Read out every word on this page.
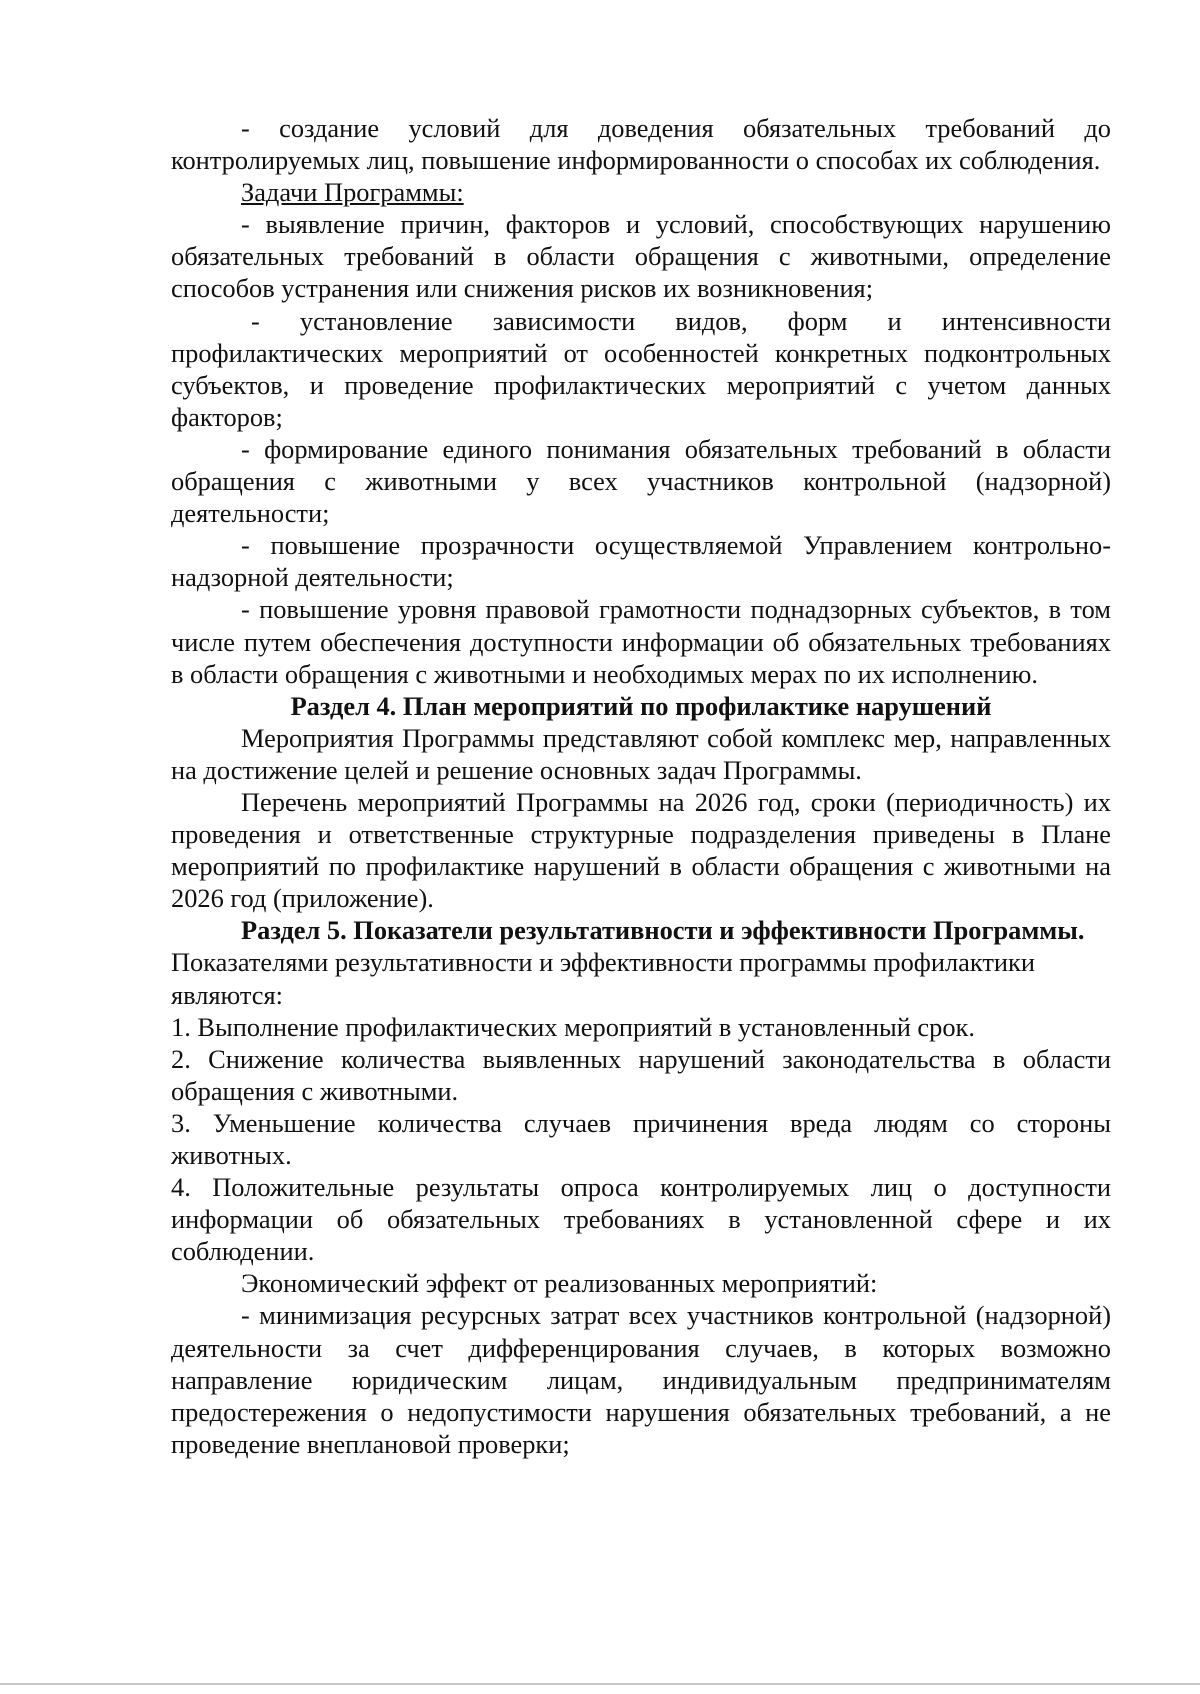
- создание условий для доведения обязательных требований до контролируемых лиц, повышение информированности о способах их соблюдения.

Задачи Программы:

- выявление причин, факторов и условий, способствующих нарушению обязательных требований в области обращения с животными, определение способов устранения или снижения рисков их возникновения;

- установление зависимости видов, форм и интенсивности профилактических мероприятий от особенностей конкретных подконтрольных субъектов, и проведение профилактических мероприятий с учетом данных факторов;

- формирование единого понимания обязательных требований в области обращения с животными у всех участников контрольной (надзорной) деятельности;

- повышение прозрачности осуществляемой Управлением контрольно-надзорной деятельности;

- повышение уровня правовой грамотности поднадзорных субъектов, в том числе путем обеспечения доступности информации об обязательных требованиях в области обращения с животными и необходимых мерах по их исполнению.

Раздел 4. План мероприятий по профилактике нарушений

Мероприятия Программы представляют собой комплекс мер, направленных на достижение целей и решение основных задач Программы.

Перечень мероприятий Программы на 2026 год, сроки (периодичность) их проведения и ответственные структурные подразделения приведены в Плане мероприятий по профилактике нарушений в области обращения с животными на 2026 год (приложение).

Раздел 5. Показатели результативности и эффективности Программы.

Показателями результативности и эффективности программы профилактики являются:

1. Выполнение профилактических мероприятий в установленный срок.

2. Снижение количества выявленных нарушений законодательства в области обращения с животными.

3. Уменьшение количества случаев причинения вреда людям со стороны животных.

4. Положительные результаты опроса контролируемых лиц о доступности информации об обязательных требованиях в установленной сфере и их соблюдении.

Экономический эффект от реализованных мероприятий:

- минимизация ресурсных затрат всех участников контрольной (надзорной) деятельности за счет дифференцирования случаев, в которых возможно направление юридическим лицам, индивидуальным предпринимателям предостережения о недопустимости нарушения обязательных требований, а не проведение внеплановой проверки;
